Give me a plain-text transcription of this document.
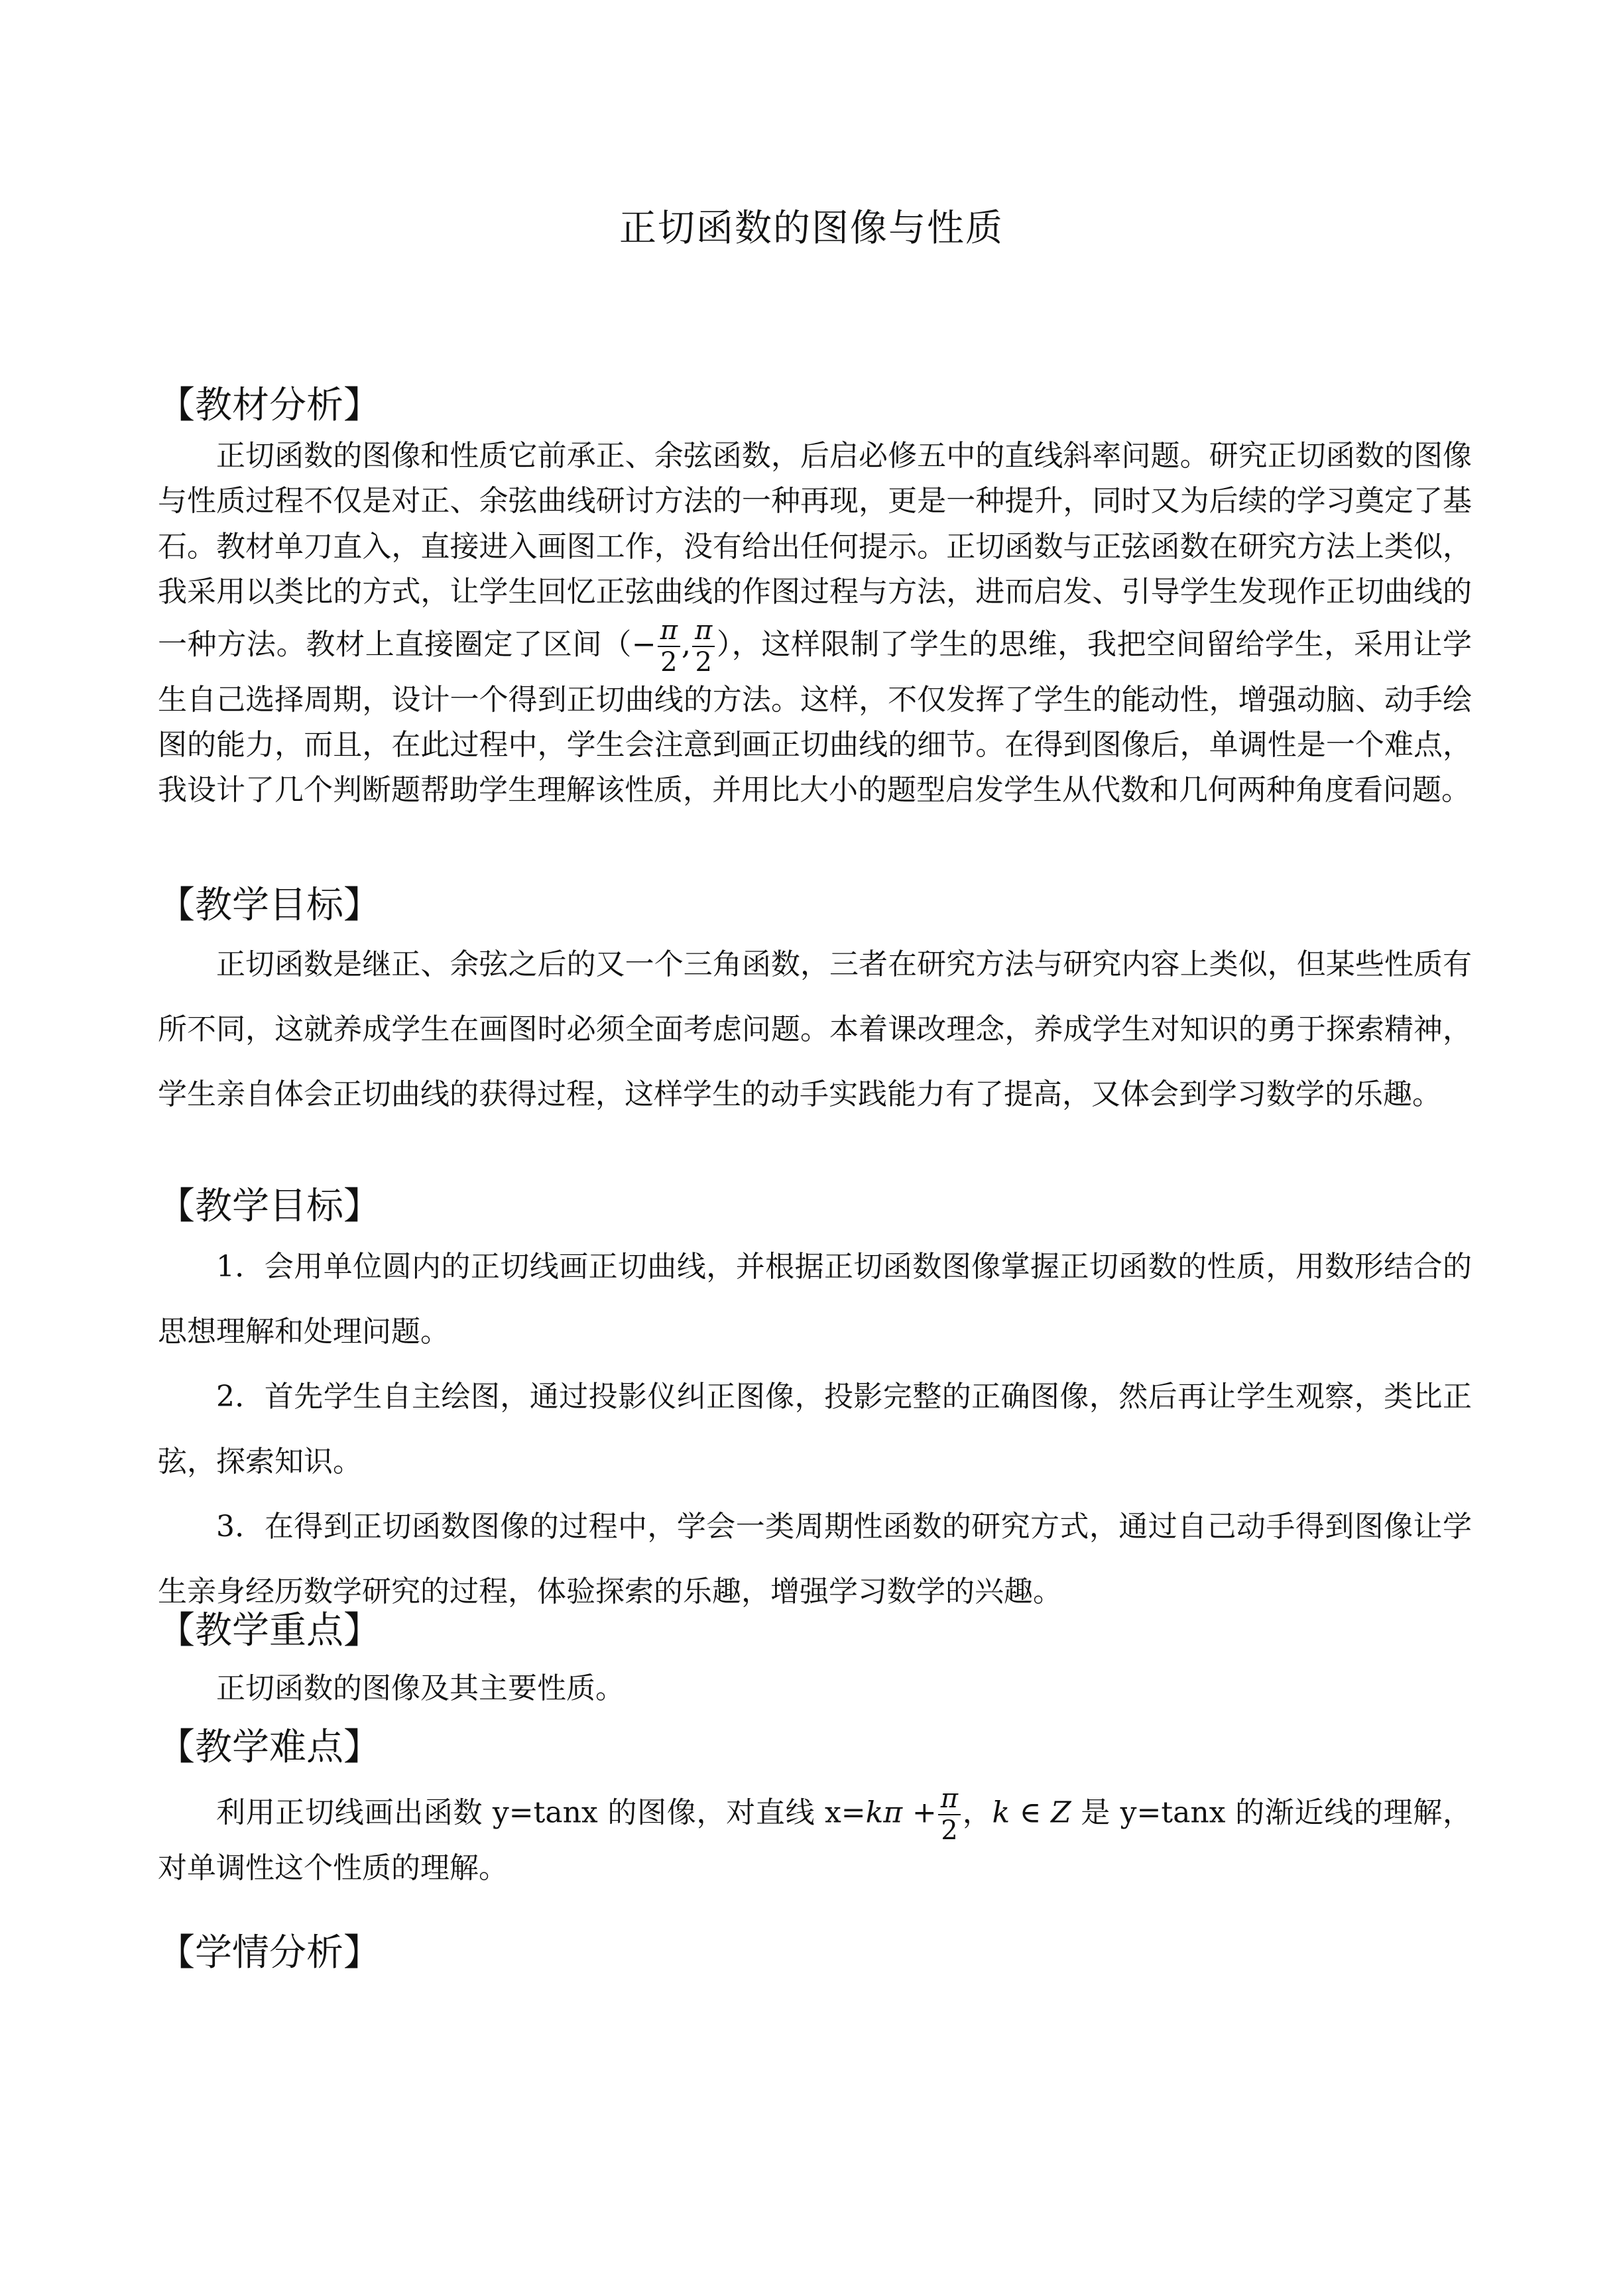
正切函数的图像与性质
【教材分析】

正切函数的图像和性质它前承正、余弦函数，后启必修五中的直线斜率问题。研究正切函数的图像与性质过程不仅是对正、余弦曲线研讨方法的一种再现，更是一种提升，同时又为后续的学习奠定了基石。教材单刀直入，直接进入画图工作，没有给出任何提示。正切函数与正弦函数在研究方法上类似，我采用以类比的方式，让学生回忆正弦曲线的作图过程与方法，进而启发、引导学生发现作正切曲线的一种方法。教材上直接圈定了区间（− $\frac{\pi}{2}$ , $\frac{\pi}{2}$ ），这样限制了学生的思维，我把空间留给学生，采用让学生自己选择周期，设计一个得到正切曲线的方法。这样，不仅发挥了学生的能动性，增强动脑、动手绘图的能力，而且，在此过程中，学生会注意到画正切曲线的细节。在得到图像后，单调性是一个难点，我设计了几个判断题帮助学生理解该性质，并用比大小的题型启发学生从代数和几何两种角度看问题。

【教学目标】

正切函数是继正、余弦之后的又一个三角函数，三者在研究方法与研究内容上类似，但某些性质有所不同，这就养成学生在画图时必须全面考虑问题。本着课改理念，养成学生对知识的勇于探索精神，学生亲自体会正切曲线的获得过程，这样学生的动手实践能力有了提高，又体会到学习数学的乐趣。

【教学目标】

1．会用单位圆内的正切线画正切曲线，并根据正切函数图像掌握正切函数的性质，用数形结合的思想理解和处理问题。

2．首先学生自主绘图，通过投影仪纠正图像，投影完整的正确图像，然后再让学生观察，类比正弦，探索知识。

3．在得到正切函数图像的过程中，学会一类周期性函数的研究方式，通过自己动手得到图像让学生亲身经历数学研究的过程，体验探索的乐趣，增强学习数学的兴趣。

【教学重点】

正切函数的图像及其主要性质。

【教学难点】

利用正切线画出函数 y=tanx 的图像，对直线 $x=k\pi + \frac{\pi}{2}$ ，k ∈ Z 是 y=tanx 的渐近线的理解，对单调性这个性质的理解。

【学情分析】
